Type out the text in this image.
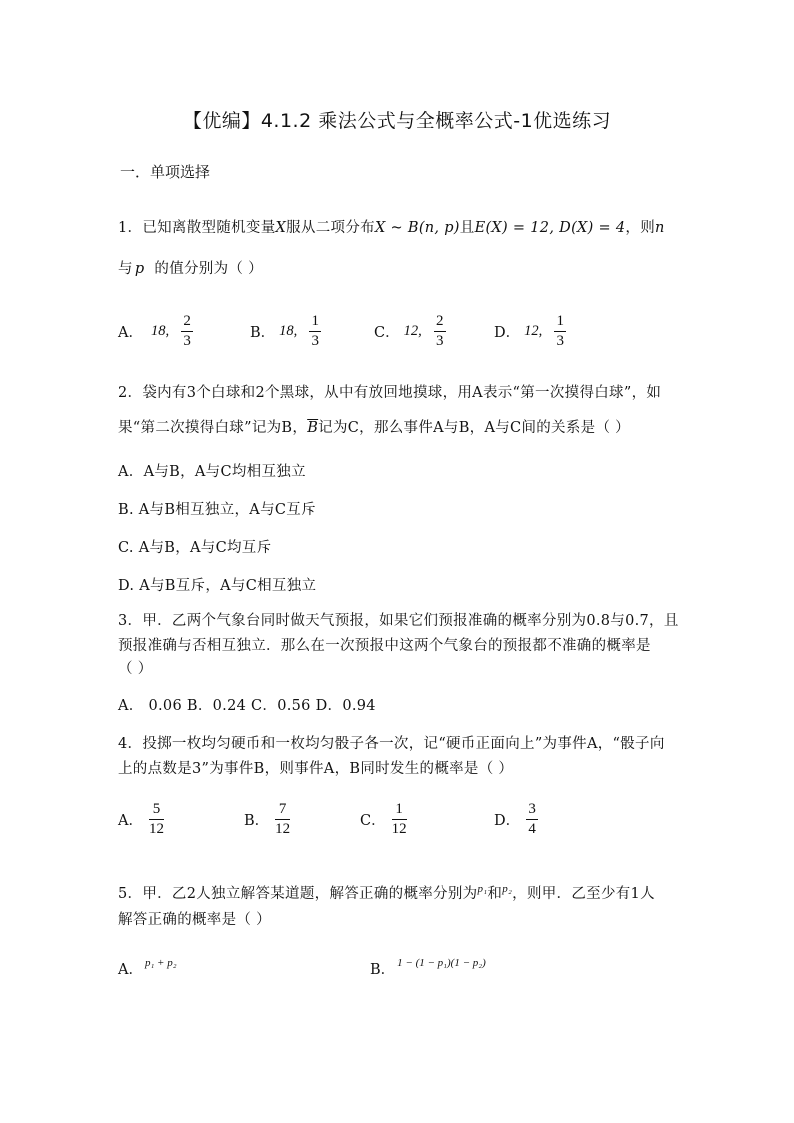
【优编】4.1.2 乘法公式与全概率公式-1优选练习
一．单项选择
1．已知离散型随机变量X服从二项分布X ~ B(n, p)且E(X) = 12, D(X) = 4，则n
与 p 的值分别为（ ）
A． 18, $\frac{2}{3}$	B． 18, $\frac{1}{3}$	C． 12, $\frac{2}{3}$	D． 12, $\frac{1}{3}$
2．袋内有3个白球和2个黑球，从中有放回地摸球，用A表示“第一次摸得白球”，如
果“第二次摸得白球”记为B，$\overline{B}$记为C，那么事件A与B，A与C间的关系是（ ）
A．A与B，A与C均相互独立
B. A与B相互独立，A与C互斥
C. A与B，A与C均互斥
D. A与B互斥，A与C相互独立
3．甲．乙两个气象台同时做天气预报，如果它们预报准确的概率分别为0.8与0.7，且
预报准确与否相互独立．那么在一次预报中这两个气象台的预报都不准确的概率是
（ ）
A． 0.06 B．0.24 C．0.56 D．0.94
4．投掷一枚均匀硬币和一枚均匀骰子各一次，记“硬币正面向上”为事件A，“骰子向
上的点数是3”为事件B，则事件A，B同时发生的概率是（ ）
A． $\frac{5}{12}$	B． $\frac{7}{12}$	C． $\frac{1}{12}$	D． $\frac{3}{4}$
5．甲．乙2人独立解答某道题，解答正确的概率分别为$^{p_1}$和$^{p_2}$，则甲．乙至少有1人
解答正确的概率是（ ）
A． p₁ + p₂	B． 1 − (1 − p₁)(1 − p₂)
